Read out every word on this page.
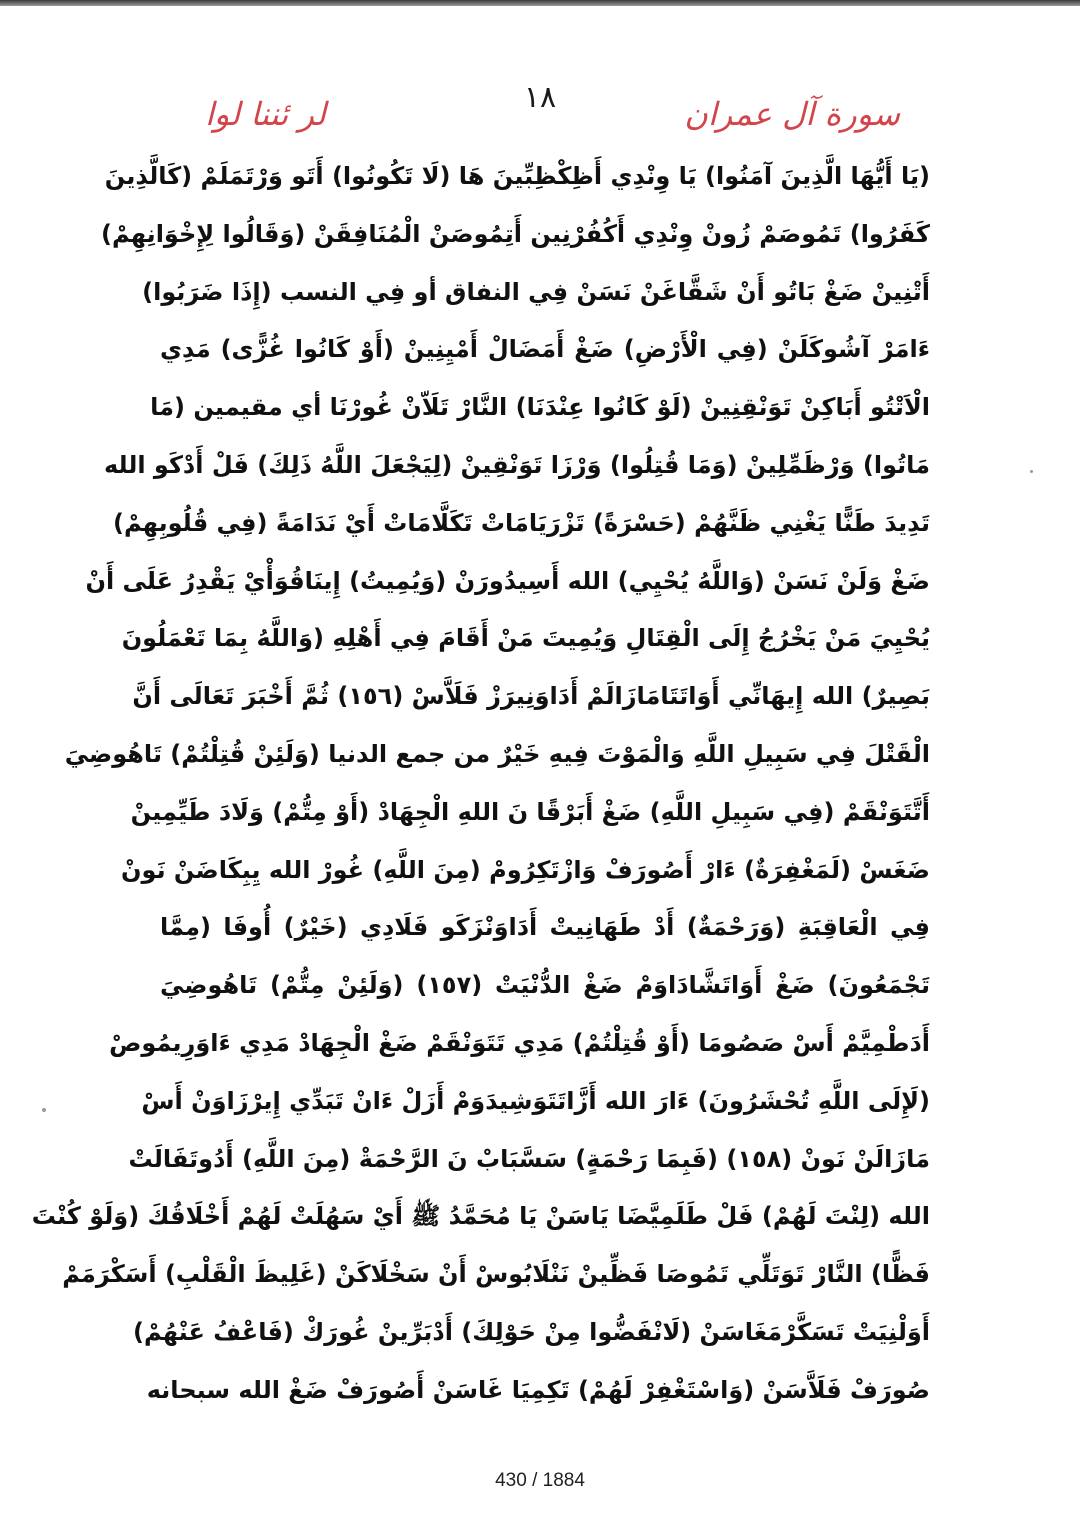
١٨	سورة آل عمران
لر ئننا لوا
(يَا أَيُّهَا الَّذِينَ آمَنُوا) يَا وِنْدِي أَظِكْظِبِّينَ هَا (لَا تَكُونُوا) أَتَو وَرْتَمَلَمْ (كَالَّذِينَ
كَفَرُوا) تَمُوصَمْ زُونْ وِنْدِي أَكُفُرْنِين أَتِمُوصَنْ الْمُنَافِقَنْ (وَقَالُوا لِإِخْوَانِهِمْ)
أَتْنِينْ ضَغْ بَاتُو أَنْ شَقَّاغَنْ نَسَنْ فِي النفاق أو فِي النسب (إِذَا ضَرَبُوا)
ءَامَرْ آشُوكَلَنْ (فِي الْأَرْضِ) ضَغْ أَمَضَالْ أَمْيِنِينْ (أَوْ كَانُوا غُزًّى) مَدِي
الْاَتْتُو أَبَاكِنْ تَوَنْقِنِينْ (لَوْ كَانُوا عِنْدَنَا) النَّارْ تَلَاّنْ غُورْنَا أي مقيمين (مَا
مَاتُوا) وَرْظَمِّلِينْ (وَمَا قُتِلُوا) وَرْزَا تَوَنْقِينْ (لِيَجْعَلَ اللَّهُ ذَلِكَ) فَلْ أَدْكَو الله
تَدِيدَ طَنًّا يَغْنِي ظَنَّهُمْ (حَسْرَةً) تَزْرَيَامَاتْ تَكَلَّامَاتْ أَيْ نَدَامَةً (فِي قُلُوبِهِمْ)
ضَغْ وَلَنْ نَسَنْ (وَاللَّهُ يُحْيِي) الله أَسِيدُورَنْ (وَيُمِيتُ) إِينَاقُوَأْيْ يَقْدِرُ عَلَى أَنْ
يُحْيِيَ مَنْ يَخْرُجُ إِلَى الْقِتَالِ وَيُمِيتَ مَنْ أَقَامَ فِي أَهْلِهِ (وَاللَّهُ بِمَا تَعْمَلُونَ
بَصِيرٌ) الله إِيهَانِّي أَوَاتَتَامَازَالَمْ أَدَاوَنِيرَزْ فَلَاَّسْ (١٥٦) ثُمَّ أَخْبَرَ تَعَالَى أَنَّ
الْقَتْلَ فِي سَبِيلِ اللَّهِ وَالْمَوْتَ فِيهِ خَيْرٌ من جمع الدنيا (وَلَئِنْ قُتِلْتُمْ) تَاهُوضِيَ
أَتَّتَوَنْقَمْ (فِي سَبِيلِ اللَّهِ) ضَغْ أَبَرْقًا نَ اللهِ الْجِهَادْ (أَوْ مِتُّمْ) وَلَادَ طَيِّمِينْ
ضَغَسْ (لَمَغْفِرَةٌ) ءَارْ أَصُورَفْ وَازْتَكِرُومْ (مِنَ اللَّهِ) غُورْ الله يِبِكَاضَنْ نَونْ
فِي الْعَاقِبَةِ (وَرَحْمَةٌ) أَدْ طَهَانِيتْ أَدَاوَنْزَكَو فَلَادِي (خَيْرٌ) أُوفَا (مِمَّا
تَجْمَعُونَ) ضَغْ أَوَاتَشَّادَاوَمْ ضَغْ الدُّنْيَتْ (١٥٧) (وَلَئِنْ مِتُّمْ) تَاهُوضِيَ
أَدَطْمِيَّمْ أَسْ صَصُومَا (أَوْ قُتِلْتُمْ) مَدِي تَتَوَنْقَمْ ضَغْ الْجِهَادْ مَدِي ءَاوَرِيمُوصْ
(لَإِلَى اللَّهِ تُحْشَرُونَ) ءَارَ الله أَزَّاتَتَوَشِيدَوَمْ أَزَلْ ءَانْ تَبَدِّي إِيرْزَاوَنْ أَسْ
مَازَالَنْ نَونْ (١٥٨) (فَبِمَا رَحْمَةٍ) سَسَّبَابْ نَ الرَّحْمَةْ (مِنَ اللَّهِ) أَدُوتَفَالَتْ
الله (لِنْتَ لَهُمْ) فَلْ طَلَمِيَّضَا يَاسَنْ يَا مُحَمَّدُ ﷺ أَيْ سَهُلَتْ لَهُمْ أَخْلَاقُكَ (وَلَوْ كُنْتَ
فَظًّا) النَّارْ تَوَتَلِّي تَمُوصَا فَظِّينْ نَنْلَابُوسْ أَنْ سَخْلَاكَنْ (غَلِيظَ الْقَلْبِ) أَسَكْرَمَمْ
أَوَلْنِيَتْ تَسَكَّرْمَغَاسَنْ (لَانْفَضُّوا مِنْ حَوْلِكَ) أَدْبَرِّينْ غُورَكْ (فَاعْفُ عَنْهُمْ)
صُورَفْ فَلَاَّسَنْ (وَاسْتَغْفِرْ لَهُمْ) تَكِمِيَا غَاسَنْ أَصُورَفْ ضَغْ الله سبحانه
430 / 1884
